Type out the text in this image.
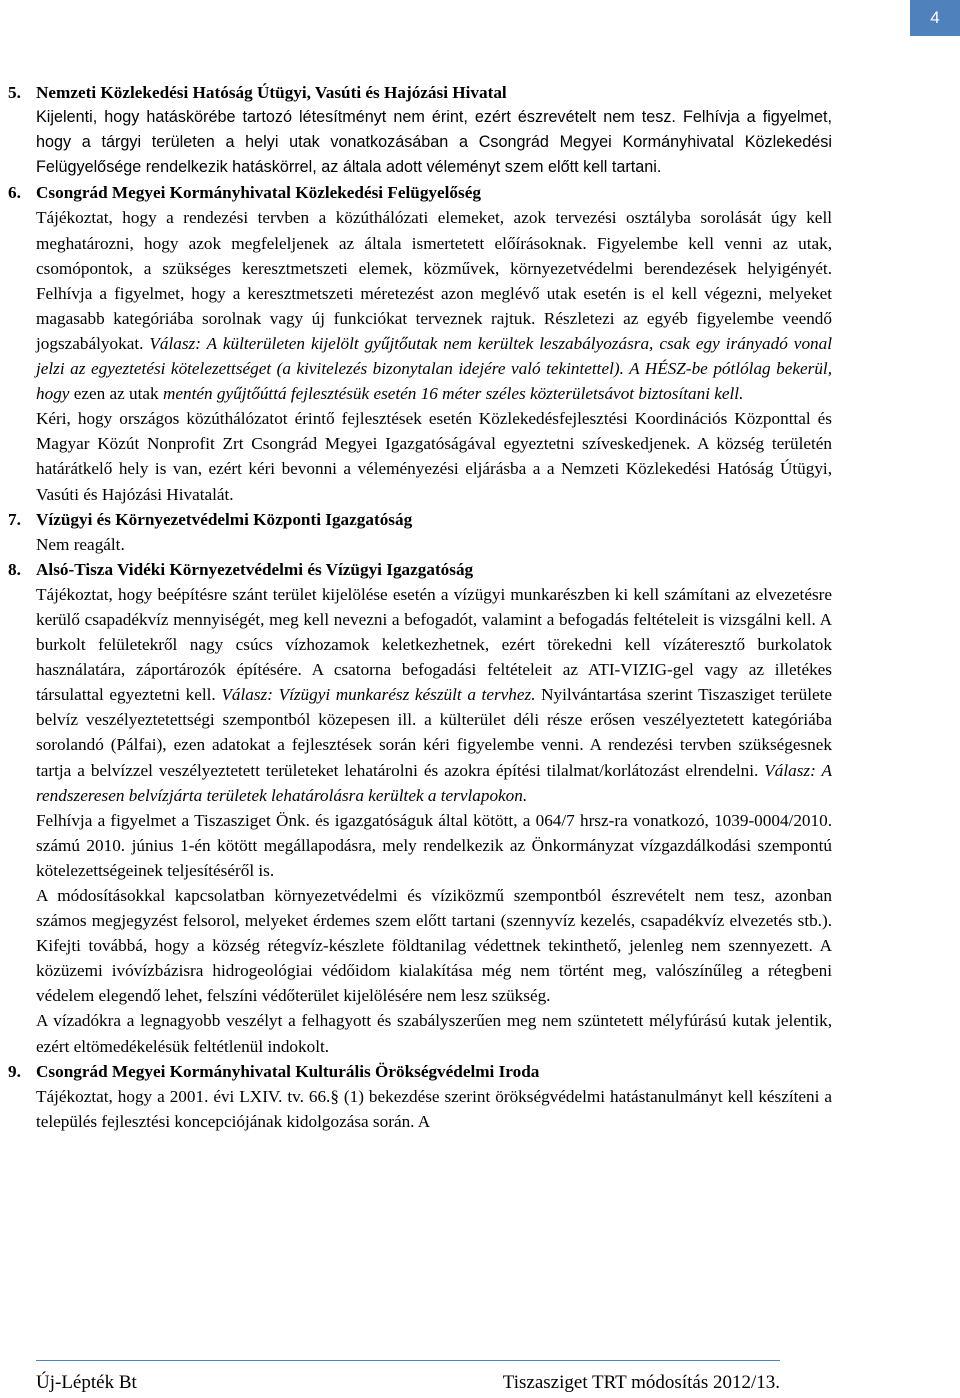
4
5. Nemzeti Közlekedési Hatóság Útügyi, Vasúti és Hajózási Hivatal
Kijelenti, hogy hatáskörébe tartozó létesítményt nem érint, ezért észrevételt nem tesz. Felhívja a figyelmet, hogy a tárgyi területen a helyi utak vonatkozásában a Csongrád Megyei Kormányhivatal Közlekedési Felügyelősége rendelkezik hatáskörrel, az általa adott véleményt szem előtt kell tartani.
6. Csongrád Megyei Kormányhivatal Közlekedési Felügyelőség
Tájékoztat, hogy a rendezési tervben a közúthálózati elemeket, azok tervezési osztályba sorolását úgy kell meghatározni, hogy azok megfeleljenek az általa ismertetett előírásoknak. Figyelembe kell venni az utak, csomópontok, a szükséges keresztmetszeti elemek, közművek, környezetvédelmi berendezések helyigényét. Felhívja a figyelmet, hogy a keresztmetszeti méretezést azon meglévő utak esetén is el kell végezni, melyeket magasabb kategóriába sorolnak vagy új funkciókat terveznek rajtuk. Részletezi az egyéb figyelembe veendő jogszabályokat. Válasz: A külterületen kijelölt gyűjtőutak nem kerültek leszabályozásra, csak egy irányadó vonal jelzi az egyeztetési kötelezettséget (a kivitelezés bizonytalan idejére való tekintettel). A HÉSZ-be pótlólag bekerül, hogy ezen az utak mentén gyűjtőúttá fejlesztésük esetén 16 méter széles közterületsávot biztosítani kell.
Kéri, hogy országos közúthálózatot érintő fejlesztések esetén Közlekedésfejlesztési Koordinációs Központtal és Magyar Közút Nonprofit Zrt Csongrád Megyei Igazgatóságával egyeztetni szíveskedjenek. A község területén határátkelő hely is van, ezért kéri bevonni a véleményezési eljárásba a a Nemzeti Közlekedési Hatóság Útügyi, Vasúti és Hajózási Hivatalát.
7. Vízügyi és Környezetvédelmi Központi Igazgatóság
Nem reagált.
8. Alsó-Tisza Vidéki Környezetvédelmi és Vízügyi Igazgatóság
Tájékoztat, hogy beépítésre szánt terület kijelölése esetén a vízügyi munkarészben ki kell számítani az elvezetésre kerülő csapadékvíz mennyiségét, meg kell nevezni a befogadót, valamint a befogadás feltételeit is vizsgálni kell. A burkolt felületekről nagy csúcs vízhozamok keletkezhetnek, ezért törekedni kell vízáteresztő burkolatok használatára, záportározók építésére. A csatorna befogadási feltételeit az ATI-VIZIG-gel vagy az illetékes társulattal egyeztetni kell. Válasz: Vízügyi munkarész készült a tervhez. Nyilvántartása szerint Tiszasziget területe belvíz veszélyeztetettségi szempontból közepesen ill. a külterület déli része erősen veszélyeztetett kategóriába sorolandó (Pálfai), ezen adatokat a fejlesztések során kéri figyelembe venni. A rendezési tervben szükségesnek tartja a belvízzel veszélyeztetett területeket lehatárolni és azokra építési tilalmat/korlátozást elrendelni. Válasz: A rendszeresen belvízjárta területek lehatárolásra kerültek a tervlapokon.
Felhívja a figyelmet a Tiszasziget Önk. és igazgatóságuk által kötött, a 064/7 hrsz-ra vonatkozó, 1039-0004/2010. számú 2010. június 1-én kötött megállapodásra, mely rendelkezik az Önkormányzat vízgazdálkodási szempontú kötelezettségeinek teljesítéséről is.
A módosításokkal kapcsolatban környezetvédelmi és víziközmű szempontból észrevételt nem tesz, azonban számos megjegyzést felsorol, melyeket érdemes szem előtt tartani (szennyvíz kezelés, csapadékvíz elvezetés stb.). Kifejti továbbá, hogy a község rétegvíz-készlete földtanilag védettnek tekinthető, jelenleg nem szennyezett. A közüzemi ivóvízbázisra hidrogeológiai védőidom kialakítása még nem történt meg, valószínűleg a rétegbeni védelem elegendő lehet, felszíni védőterület kijelölésére nem lesz szükség.
A vízadókra a legnagyobb veszélyt a felhagyott és szabályszerűen meg nem szüntetett mélyfúrású kutak jelentik, ezért eltömedékelésük feltétlenül indokolt.
9. Csongrád Megyei Kormányhivatal Kulturális Örökségvédelmi Iroda
Tájékoztat, hogy a 2001. évi LXIV. tv. 66.§ (1) bekezdése szerint örökségvédelmi hatástanulmányt kell készíteni a település fejlesztési koncepciójának kidolgozása során. A
Új-Lépték Bt	Tiszasziget TRT módosítás 2012/13.
